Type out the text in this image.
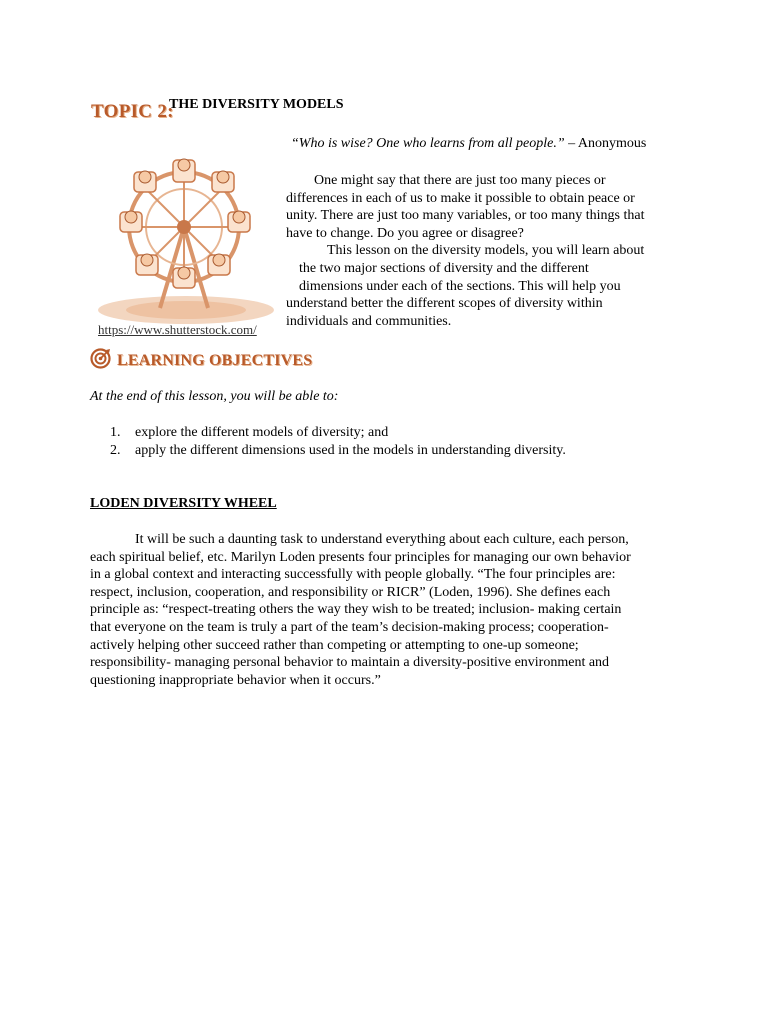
TOPIC 2:
THE DIVERSITY MODELS
“Who is wise? One who learns from all people.” – Anonymous
https://www.shutterstock.com/
One might say that there are just too many pieces or
differences in each of us to make it possible to obtain peace or
unity. There are just too many variables, or too many things that
have to change. Do you agree or disagree?
This lesson on the diversity models, you will learn about
the two major sections of diversity and the different
dimensions under each of the sections. This will help you
understand better the different scopes of diversity within
individuals and communities.
LEARNING OBJECTIVES
At the end of this lesson, you will be able to:
1.	explore the different models of diversity; and
2.	apply the different dimensions used in the models in understanding diversity.
LODEN DIVERSITY WHEEL
It will be such a daunting task to understand everything about each culture, each person,
each spiritual belief, etc. Marilyn Loden presents four principles for managing our own behavior
in a global context and interacting successfully with people globally. “The four principles are:
respect, inclusion, cooperation, and responsibility or RICR” (Loden, 1996). She defines each
principle as: “respect-treating others the way they wish to be treated; inclusion- making certain
that everyone on the team is truly a part of the team’s decision-making process; cooperation-
actively helping other succeed rather than competing or attempting to one-up someone;
responsibility- managing personal behavior to maintain a diversity-positive environment and
questioning inappropriate behavior when it occurs.”
